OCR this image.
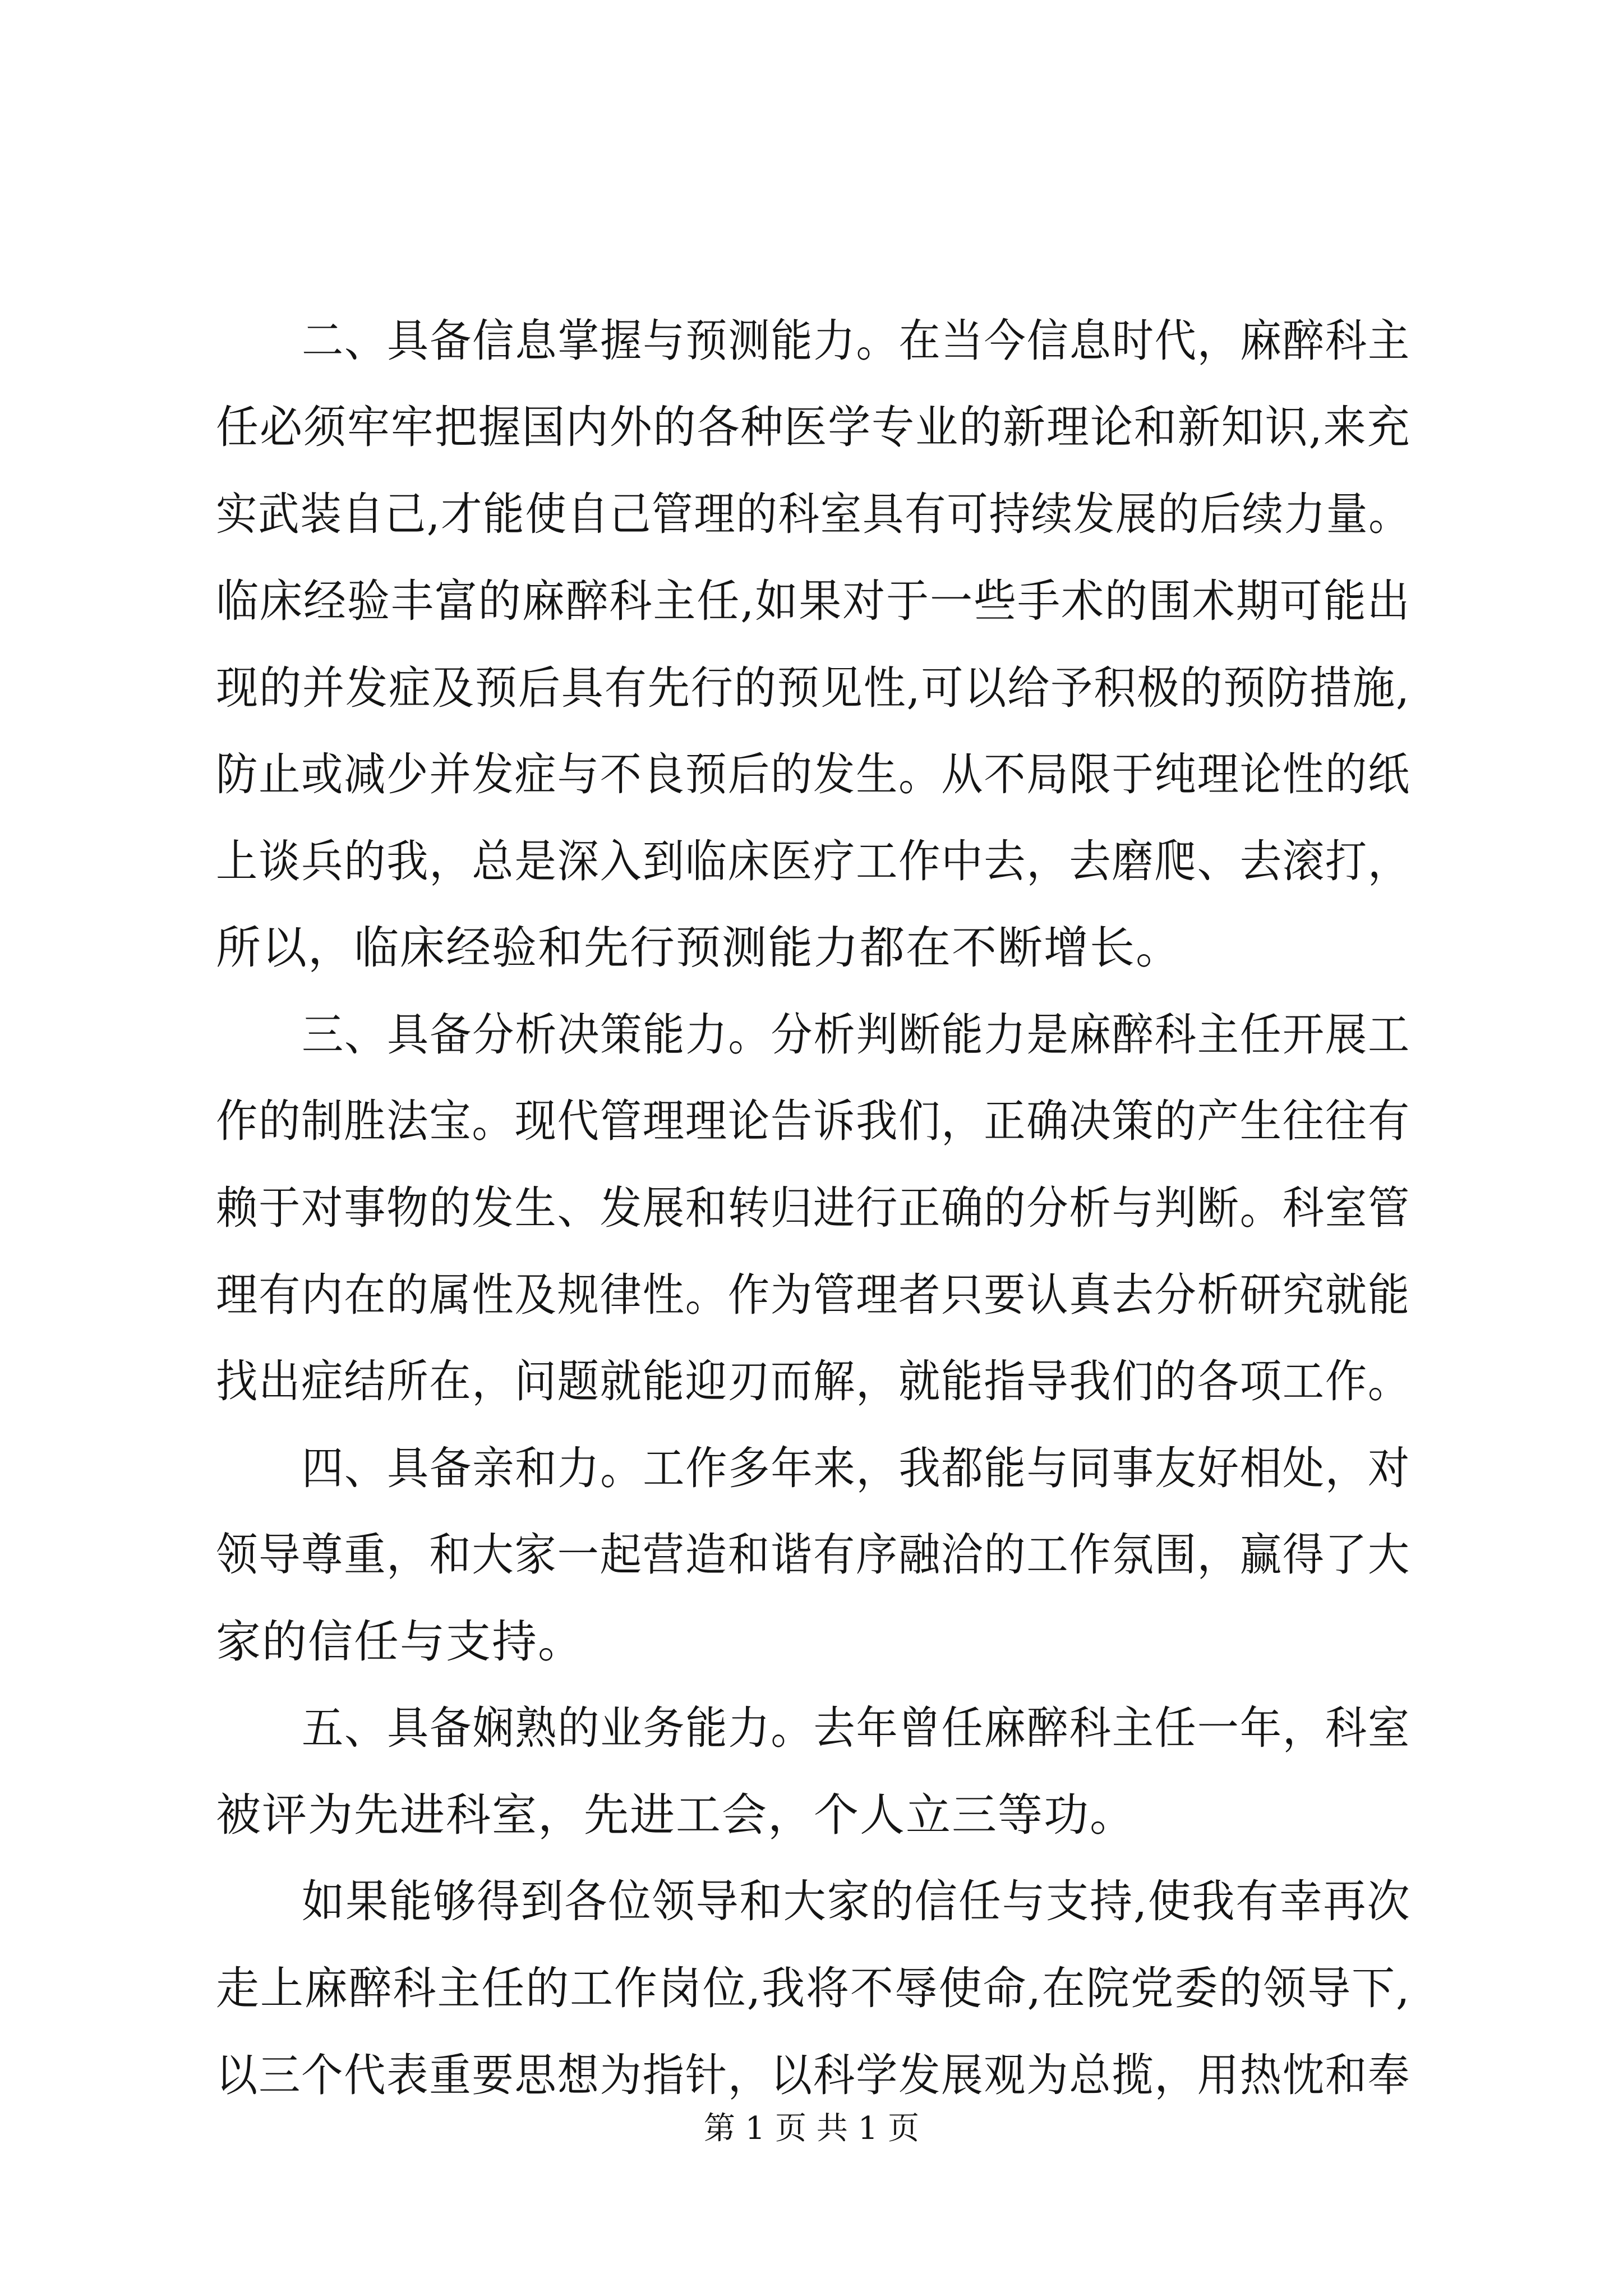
二、具备信息掌握与预测能力。在当今信息时代，麻醉科主
任必须牢牢把握国内外的各种医学专业的新理论和新知识,来充
实武装自己,才能使自己管理的科室具有可持续发展的后续力量。
临床经验丰富的麻醉科主任,如果对于一些手术的围术期可能出
现的并发症及预后具有先行的预见性,可以给予积极的预防措施,
防止或减少并发症与不良预后的发生。从不局限于纯理论性的纸
上谈兵的我，总是深入到临床医疗工作中去，去磨爬、去滚打，
所以，临床经验和先行预测能力都在不断增长。
三、具备分析决策能力。分析判断能力是麻醉科主任开展工
作的制胜法宝。现代管理理论告诉我们，正确决策的产生往往有
赖于对事物的发生、发展和转归进行正确的分析与判断。科室管
理有内在的属性及规律性。作为管理者只要认真去分析研究就能
找出症结所在，问题就能迎刃而解，就能指导我们的各项工作。
四、具备亲和力。工作多年来，我都能与同事友好相处，对
领导尊重，和大家一起营造和谐有序融洽的工作氛围，赢得了大
家的信任与支持。
五、具备娴熟的业务能力。去年曾任麻醉科主任一年，科室
被评为先进科室，先进工会，个人立三等功。
如果能够得到各位领导和大家的信任与支持,使我有幸再次
走上麻醉科主任的工作岗位,我将不辱使命,在院党委的领导下,
以三个代表重要思想为指针，以科学发展观为总揽，用热忱和奉
第 1 页 共 1 页
